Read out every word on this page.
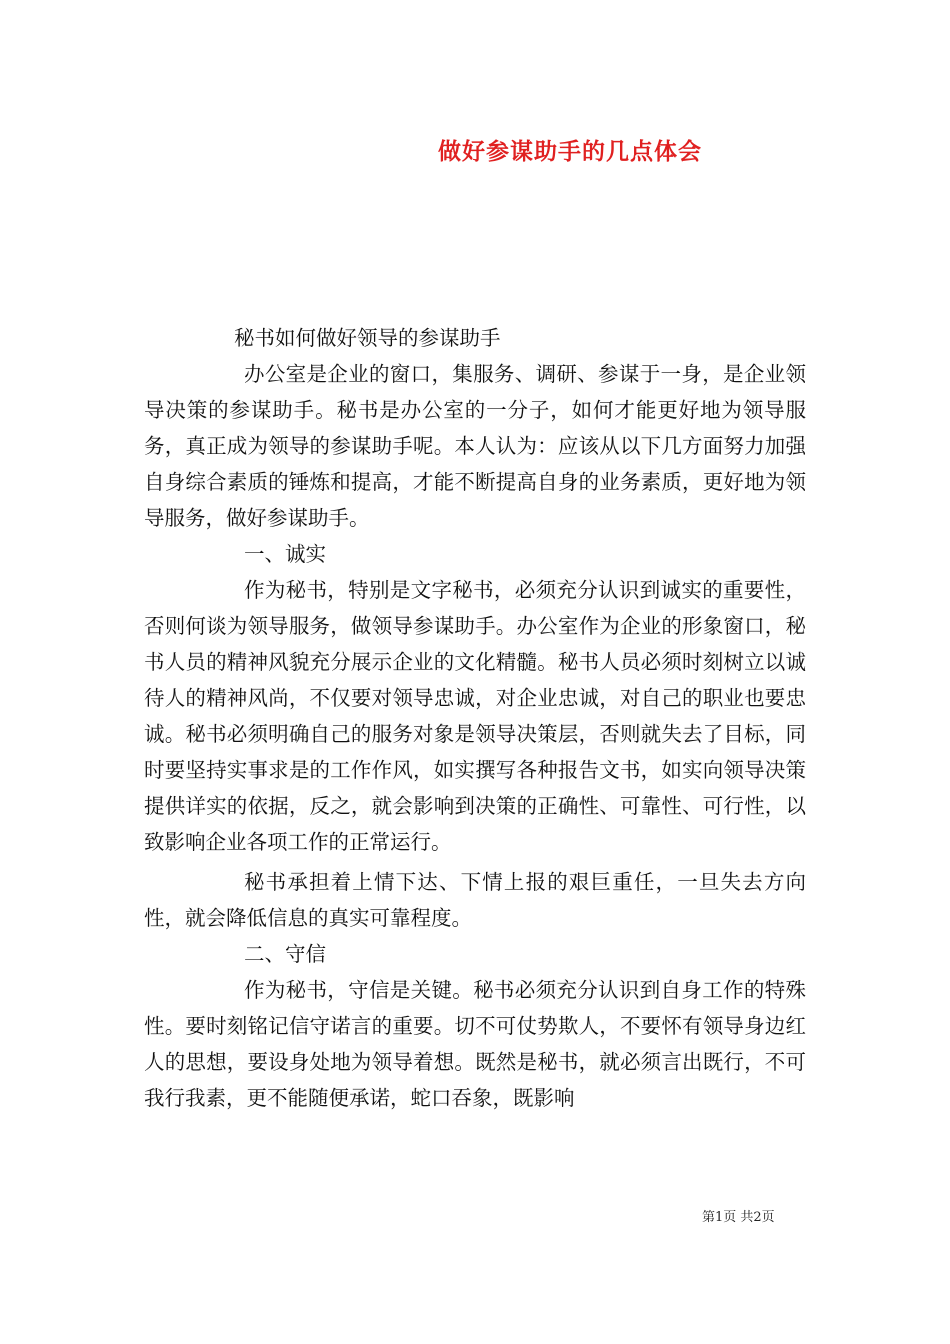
做好参谋助手的几点体会

秘书如何做好领导的参谋助手

办公室是企业的窗口，集服务、调研、参谋于一身，是企业领导决策的参谋助手。秘书是办公室的一分子，如何才能更好地为领导服务，真正成为领导的参谋助手呢。本人认为：应该从以下几方面努力加强自身综合素质的锤炼和提高，才能不断提高自身的业务素质，更好地为领导服务，做好参谋助手。

一、诚实

作为秘书，特别是文字秘书，必须充分认识到诚实的重要性，否则何谈为领导服务，做领导参谋助手。办公室作为企业的形象窗口，秘书人员的精神风貌充分展示企业的文化精髓。秘书人员必须时刻树立以诚待人的精神风尚，不仅要对领导忠诚，对企业忠诚，对自己的职业也要忠诚。秘书必须明确自己的服务对象是领导决策层，否则就失去了目标，同时要坚持实事求是的工作作风，如实撰写各种报告文书，如实向领导决策提供详实的依据，反之，就会影响到决策的正确性、可靠性、可行性，以致影响企业各项工作的正常运行。

秘书承担着上情下达、下情上报的艰巨重任，一旦失去方向性，就会降低信息的真实可靠程度。

二、守信

作为秘书，守信是关键。秘书必须充分认识到自身工作的特殊性。要时刻铭记信守诺言的重要。切不可仗势欺人，不要怀有领导身边红人的思想，要设身处地为领导着想。既然是秘书，就必须言出既行，不可我行我素，更不能随便承诺，蛇口吞象，既影响

第1页 共2页
